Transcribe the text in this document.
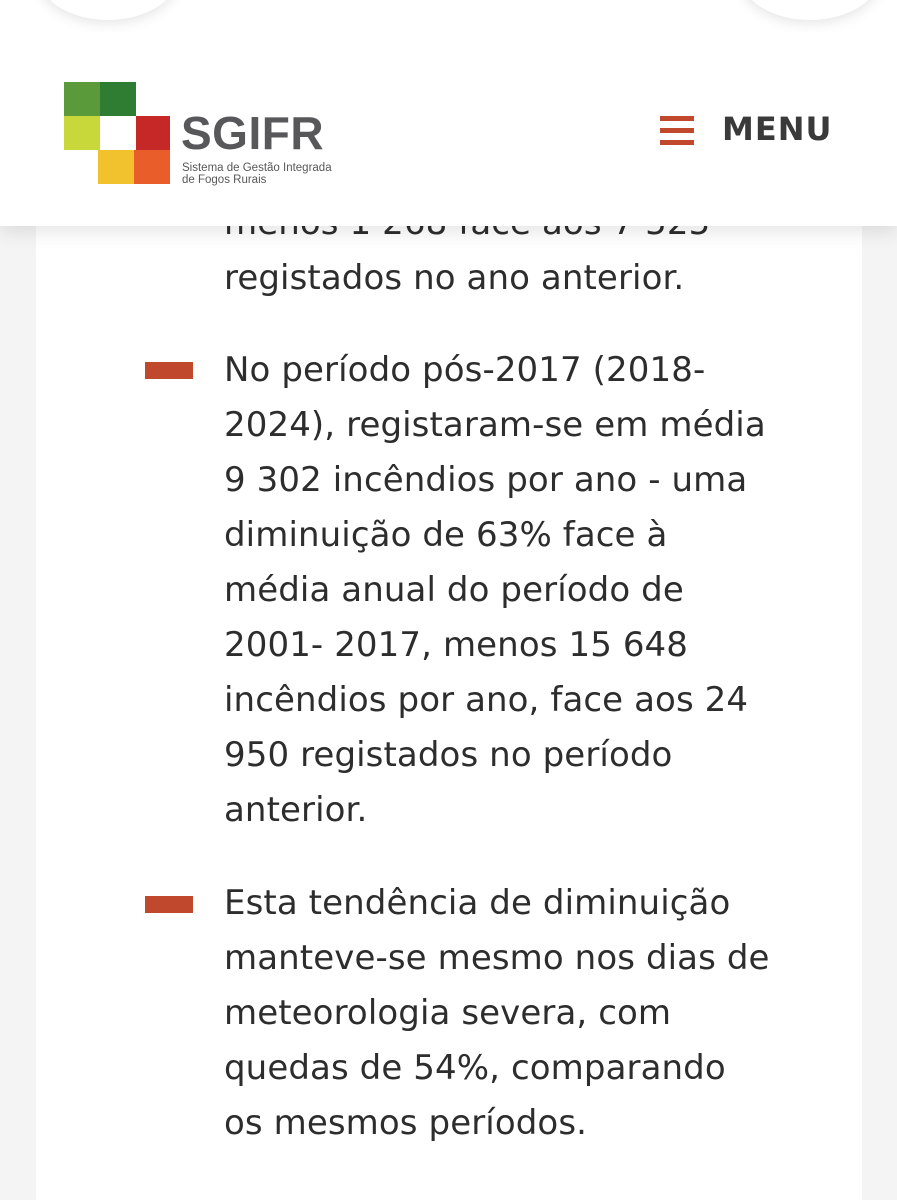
registados no ano anterior.
No período pós-2017 (2018-
2024), registaram-se em média
9 302 incêndios por ano - uma
diminuição de 63% face à
média anual do período de
2001- 2017, menos 15 648
incêndios por ano, face aos 24
950 registados no período
anterior.
Esta tendência de diminuição
manteve-se mesmo nos dias de
meteorologia severa, com
quedas de 54%, comparando
os mesmos períodos.
SGIFR
Sistema de Gestão Integrada
de Fogos Rurais
MENU
